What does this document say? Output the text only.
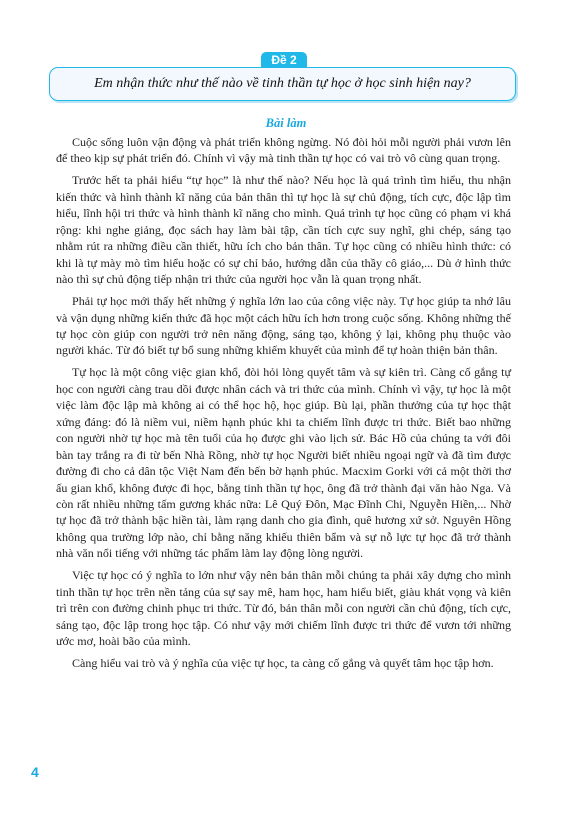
Đề 2
Em nhận thức như thế nào về tinh thần tự học ở học sinh hiện nay?
Bài làm

Cuộc sống luôn vận động và phát triển không ngừng. Nó đòi hỏi mỗi người phải vươn lên để theo kịp sự phát triển đó. Chính vì vậy mà tinh thần tự học có vai trò vô cùng quan trọng.

Trước hết ta phải hiểu “tự học” là như thế nào? Nếu học là quá trình tìm hiểu, thu nhận kiến thức và hình thành kĩ năng của bản thân thì tự học là sự chủ động, tích cực, độc lập tìm hiểu, lĩnh hội tri thức và hình thành kĩ năng cho mình. Quá trình tự học cũng có phạm vi khá rộng: khi nghe giảng, đọc sách hay làm bài tập, cần tích cực suy nghĩ, ghi chép, sáng tạo nhằm rút ra những điều cần thiết, hữu ích cho bản thân. Tự học cũng có nhiều hình thức: có khi là tự mày mò tìm hiểu hoặc có sự chỉ bảo, hướng dẫn của thầy cô giáo,... Dù ở hình thức nào thì sự chủ động tiếp nhận tri thức của người học vẫn là quan trọng nhất.

Phải tự học mới thấy hết những ý nghĩa lớn lao của công việc này. Tự học giúp ta nhớ lâu và vận dụng những kiến thức đã học một cách hữu ích hơn trong cuộc sống. Không những thế tự học còn giúp con người trở nên năng động, sáng tạo, không ỷ lại, không phụ thuộc vào người khác. Từ đó biết tự bổ sung những khiếm khuyết của mình để tự hoàn thiện bản thân.

Tự học là một công việc gian khổ, đòi hỏi lòng quyết tâm và sự kiên trì. Càng cố gắng tự học con người càng trau dồi được nhân cách và tri thức của mình. Chính vì vậy, tự học là một việc làm độc lập mà không ai có thể học hộ, học giúp. Bù lại, phần thưởng của tự học thật xứng đáng: đó là niềm vui, niềm hạnh phúc khi ta chiếm lĩnh được tri thức. Biết bao những con người nhờ tự học mà tên tuổi của họ được ghi vào lịch sử. Bác Hồ của chúng ta với đôi bàn tay trắng ra đi từ bến Nhà Rồng, nhờ tự học Người biết nhiều ngoại ngữ và đã tìm được đường đi cho cả dân tộc Việt Nam đến bến bờ hạnh phúc. Macxim Gorki với cả một thời thơ ấu gian khổ, không được đi học, bằng tinh thần tự học, ông đã trở thành đại văn hào Nga. Và còn rất nhiều những tấm gương khác nữa: Lê Quý Đôn, Mạc Đĩnh Chi, Nguyễn Hiền,... Nhờ tự học đã trở thành bậc hiền tài, làm rạng danh cho gia đình, quê hương xứ sở. Nguyên Hồng không qua trường lớp nào, chỉ bằng năng khiếu thiên bẩm và sự nỗ lực tự học đã trở thành nhà văn nổi tiếng với những tác phẩm làm lay động lòng người.

Việc tự học có ý nghĩa to lớn như vậy nên bản thân mỗi chúng ta phải xây dựng cho mình tinh thần tự học trên nền tảng của sự say mê, ham học, ham hiểu biết, giàu khát vọng và kiên trì trên con đường chinh phục tri thức. Từ đó, bản thân mỗi con người cần chủ động, tích cực, sáng tạo, độc lập trong học tập. Có như vậy mới chiếm lĩnh được tri thức để vươn tới những ước mơ, hoài bão của mình.

Càng hiểu vai trò và ý nghĩa của việc tự học, ta càng cố gắng và quyết tâm học tập hơn.

4
